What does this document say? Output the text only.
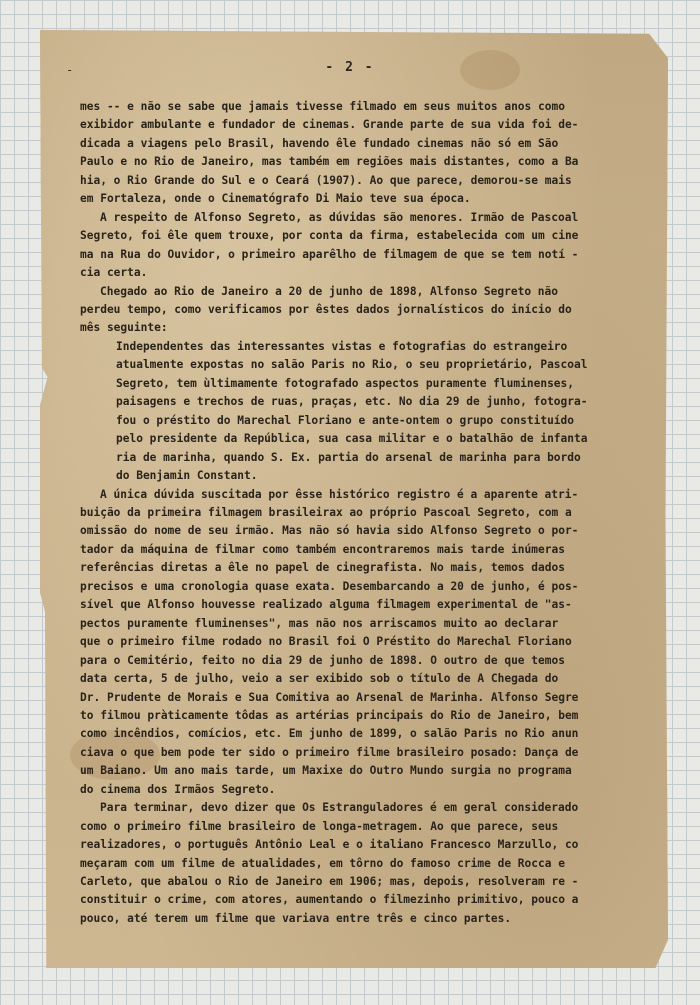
-	- 2 -
mes -- e não se sabe que jamais tivesse filmado em seus muitos anos como
exibidor ambulante e fundador de cinemas. Grande parte de sua vida foi de-
dicada a viagens pelo Brasil, havendo êle fundado cinemas não só em São
Paulo e no Rio de Janeiro, mas também em regiões mais distantes, como a Ba
hia, o Rio Grande do Sul e o Ceará (1907). Ao que parece, demorou-se mais
em Fortaleza, onde o Cinematógrafo Di Maio teve sua época.
A respeito de Alfonso Segreto, as dúvidas são menores. Irmão de Pascoal
Segreto, foi êle quem trouxe, por conta da firma, estabelecida com um cine
ma na Rua do Ouvidor, o primeiro aparêlho de filmagem de que se tem notí -
cia certa.
Chegado ao Rio de Janeiro a 20 de junho de 1898, Alfonso Segreto não
perdeu tempo, como verificamos por êstes dados jornalísticos do início do
mês seguinte:
Independentes das interessantes vistas e fotografias do estrangeiro
atualmente expostas no salão Paris no Rio, o seu proprietário, Pascoal
Segreto, tem ùltimamente fotografado aspectos puramente fluminenses,
paisagens e trechos de ruas, praças, etc. No dia 29 de junho, fotogra-
fou o préstito do Marechal Floriano e ante-ontem o grupo constituído
pelo presidente da República, sua casa militar e o batalhão de infanta
ria de marinha, quando S. Ex. partia do arsenal de marinha para bordo
do Benjamin Constant.
A única dúvida suscitada por êsse histórico registro é a aparente atri-
buição da primeira filmagem brasileirax ao próprio Pascoal Segreto, com a
omissão do nome de seu irmão. Mas não só havia sido Alfonso Segreto o por-
tador da máquina de filmar como também encontraremos mais tarde inúmeras
referências diretas a êle no papel de cinegrafista. No mais, temos dados
precisos e uma cronologia quase exata. Desembarcando a 20 de junho, é pos-
sível que Alfonso houvesse realizado alguma filmagem experimental de "as-
pectos puramente fluminenses", mas não nos arriscamos muito ao declarar
que o primeiro filme rodado no Brasil foi O Préstito do Marechal Floriano
para o Cemitério, feito no dia 29 de junho de 1898. O outro de que temos
data certa, 5 de julho, veio a ser exibido sob o título de A Chegada do
Dr. Prudente de Morais e Sua Comitiva ao Arsenal de Marinha. Alfonso Segre
to filmou pràticamente tôdas as artérias principais do Rio de Janeiro, bem
como incêndios, comícios, etc. Em junho de 1899, o salão Paris no Rio anun
ciava o que bem pode ter sido o primeiro filme brasileiro posado: Dança de
um Baiano. Um ano mais tarde, um Maxixe do Outro Mundo surgia no programa
do cinema dos Irmãos Segreto.
Para terminar, devo dizer que Os Estranguladores é em geral considerado
como o primeiro filme brasileiro de longa-metragem. Ao que parece, seus
realizadores, o português Antônio Leal e o italiano Francesco Marzullo, co
meçaram com um filme de atualidades, em tôrno do famoso crime de Rocca e
Carleto, que abalou o Rio de Janeiro em 1906; mas, depois, resolveram re -
constituir o crime, com atores, aumentando o filmezinho primitivo, pouco a
pouco, até terem um filme que variava entre três e cinco partes.
